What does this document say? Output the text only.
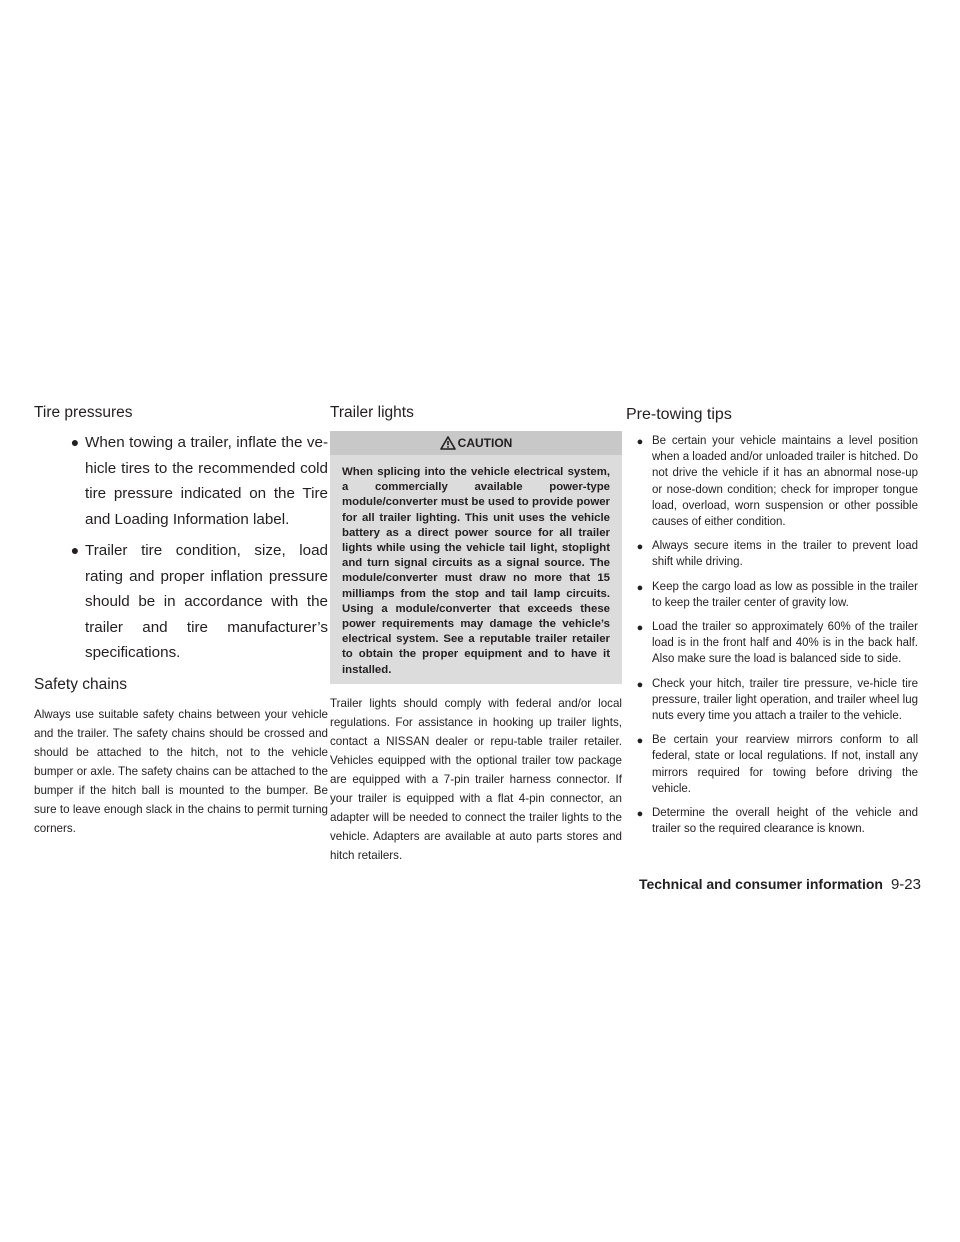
Tire pressures
● When towing a trailer, inflate the ve-hicle tires to the recommended cold tire pressure indicated on the Tire and Loading Information label.
● Trailer tire condition, size, load rating and proper inflation pressure should be in accordance with the trailer and tire manufacturer’s specifications.
Safety chains

Always use suitable safety chains between your vehicle and the trailer. The safety chains should be crossed and should be attached to the hitch, not to the vehicle bumper or axle. The safety chains can be attached to the bumper if the hitch ball is mounted to the bumper. Be sure to leave enough slack in the chains to permit turning corners.

Trailer lights
CAUTION
When splicing into the vehicle electrical system, a commercially available power-type module/converter must be used to provide power for all trailer lighting. This unit uses the vehicle battery as a direct power source for all trailer lights while using the vehicle tail light, stoplight and turn signal circuits as a signal source. The module/converter must draw no more that 15 milliamps from the stop and tail lamp circuits. Using a module/converter that exceeds these power requirements may damage the vehicle’s electrical system. See a reputable trailer retailer to obtain the proper equipment and to have it installed.

Trailer lights should comply with federal and/or local regulations. For assistance in hooking up trailer lights, contact a NISSAN dealer or repu-table trailer retailer. Vehicles equipped with the optional trailer tow package are equipped with a 7-pin trailer harness connector. If your trailer is equipped with a flat 4-pin connector, an adapter will be needed to connect the trailer lights to the vehicle. Adapters are available at auto parts stores and hitch retailers.

Pre-towing tips
● Be certain your vehicle maintains a level position when a loaded and/or unloaded trailer is hitched. Do not drive the vehicle if it has an abnormal nose-up or nose-down condition; check for improper tongue load, overload, worn suspension or other possible causes of either condition.
● Always secure items in the trailer to prevent load shift while driving.
● Keep the cargo load as low as possible in the trailer to keep the trailer center of gravity low.
● Load the trailer so approximately 60% of the trailer load is in the front half and 40% is in the back half. Also make sure the load is balanced side to side.
● Check your hitch, trailer tire pressure, ve-hicle tire pressure, trailer light operation, and trailer wheel lug nuts every time you attach a trailer to the vehicle.
● Be certain your rearview mirrors conform to all federal, state or local regulations. If not, install any mirrors required for towing before driving the vehicle.
● Determine the overall height of the vehicle and trailer so the required clearance is known.
Technical and consumer information 9-23
